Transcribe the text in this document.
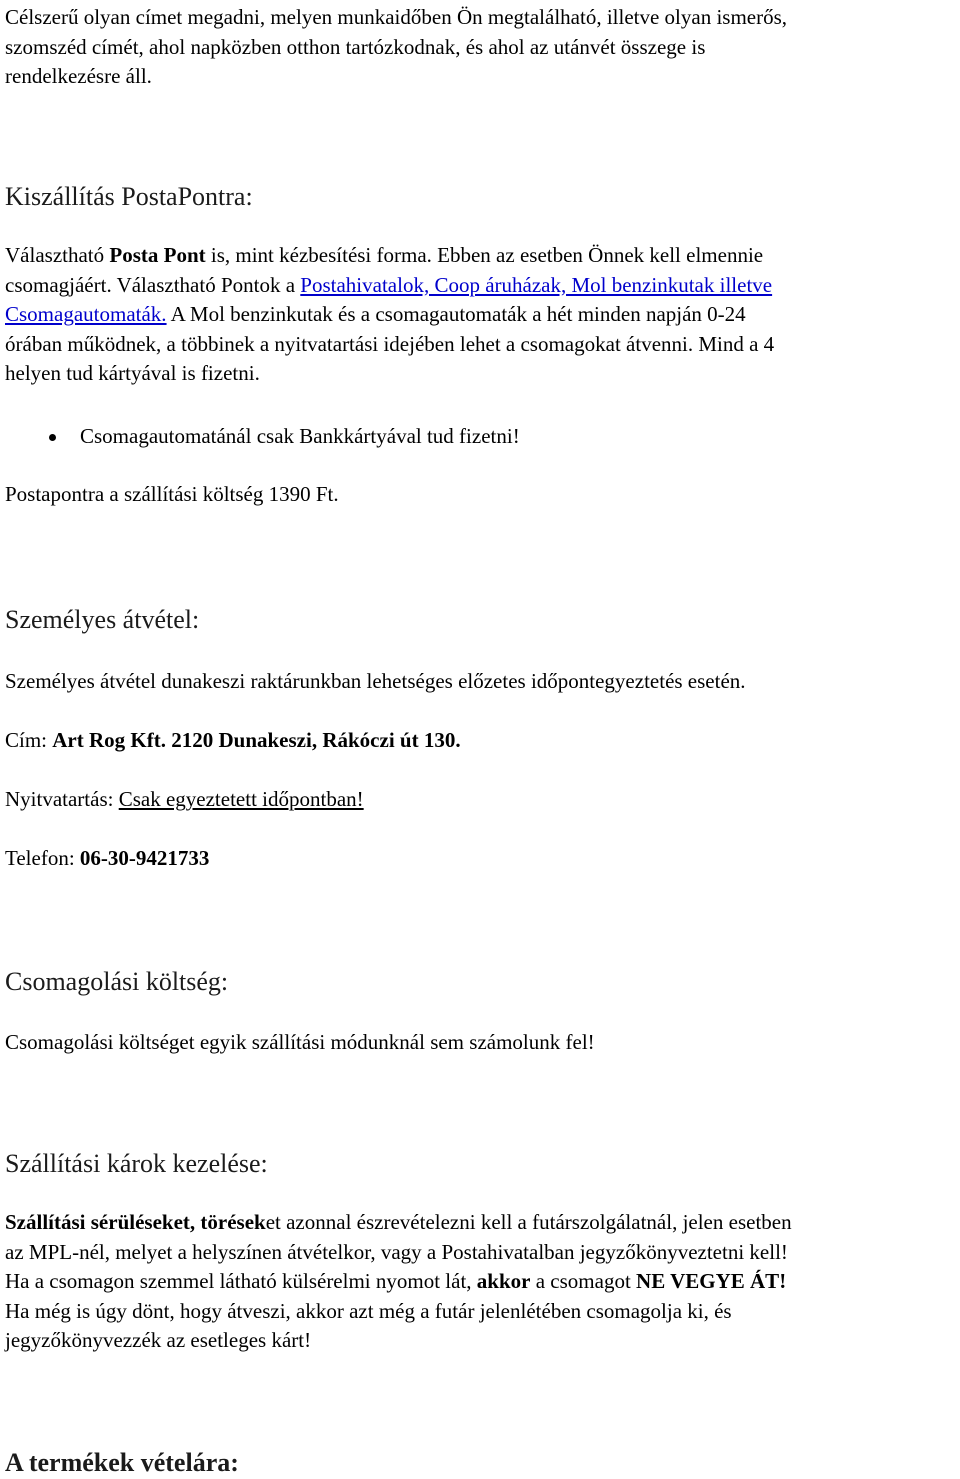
Célszerű olyan címet megadni, melyen munkaidőben Ön megtalálható, illetve olyan ismerős,

szomszéd címét, ahol napközben otthon tartózkodnak, és ahol az utánvét összege is

rendelkezésre áll.

Kiszállítás PostaPontra:

Választható Posta Pont is, mint kézbesítési forma. Ebben az esetben Önnek kell elmennie

csomagjáért. Választható Pontok a Postahivatalok, Coop áruházak, Mol benzinkutak illetve

Csomagautomaták. A Mol benzinkutak és a csomagautomaták a hét minden napján 0-24

órában működnek, a többinek a nyitvatartási idejében lehet a csomagokat átvenni. Mind a 4

helyen tud kártyával is fizetni.

Csomagautomatánál csak Bankkártyával tud fizetni!

Postapontra a szállítási költség 1390 Ft.

Személyes átvétel:

Személyes átvétel dunakeszi raktárunkban lehetséges előzetes időpontegyeztetés esetén.

Cím: Art Rog Kft. 2120 Dunakeszi, Rákóczi út 130.

Nyitvatartás: Csak egyeztetett időpontban!

Telefon: 06-30-9421733

Csomagolási költség:

Csomagolási költséget egyik szállítási módunknál sem számolunk fel!

Szállítási károk kezelése:

Szállítási sérüléseket, töréseket azonnal észrevételezni kell a futárszolgálatnál, jelen esetben

az MPL-nél, melyet a helyszínen átvételkor, vagy a Postahivatalban jegyzőkönyveztetni kell!

Ha a csomagon szemmel látható külsérelmi nyomot lát, akkor a csomagot NE VEGYE ÁT!

Ha még is úgy dönt, hogy átveszi, akkor azt még a futár jelenlétében csomagolja ki, és

jegyzőkönyvezzék az esetleges kárt!

A termékek vételára:
